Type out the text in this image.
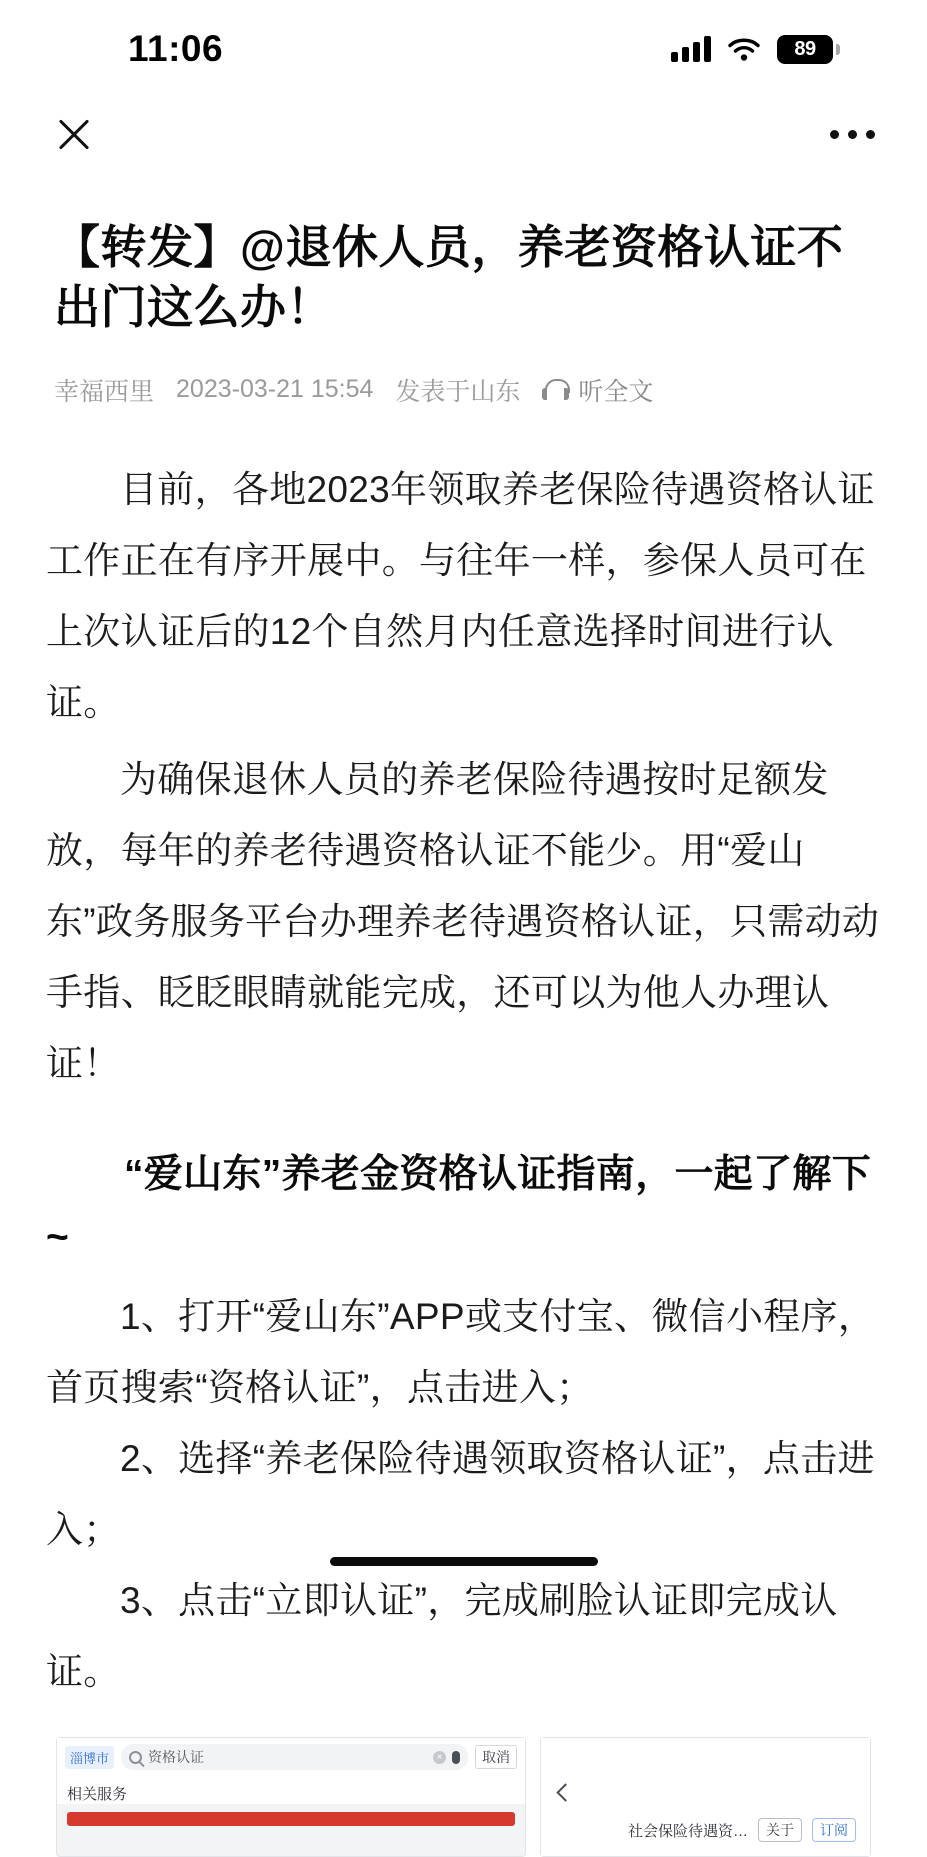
11:06	89
【转发】@退休人员，养老资格认证不出门这么办！
幸福西里 2023-03-21 15:54 发表于山东 听全文

目前，各地2023年领取养老保险待遇资格认证工作正在有序开展中。与往年一样，参保人员可在上次认证后的12个自然月内任意选择时间进行认证。

为确保退休人员的养老保险待遇按时足额发放，每年的养老待遇资格认证不能少。用“爱山东”政务服务平台办理养老待遇资格认证，只需动动手指、眨眨眼睛就能完成，还可以为他人办理认证！

“爱山东”养老金资格认证指南，一起了解下~

1、打开“爱山东”APP或支付宝、微信小程序，首页搜索“资格认证”，点击进入；

2、选择“养老保险待遇领取资格认证”，点击进入；

3、点击“立即认证”，完成刷脸认证即完成认证。

淄博市	资格认证	×	取消
相关服务
社会保险待遇资…	关于	订阅
